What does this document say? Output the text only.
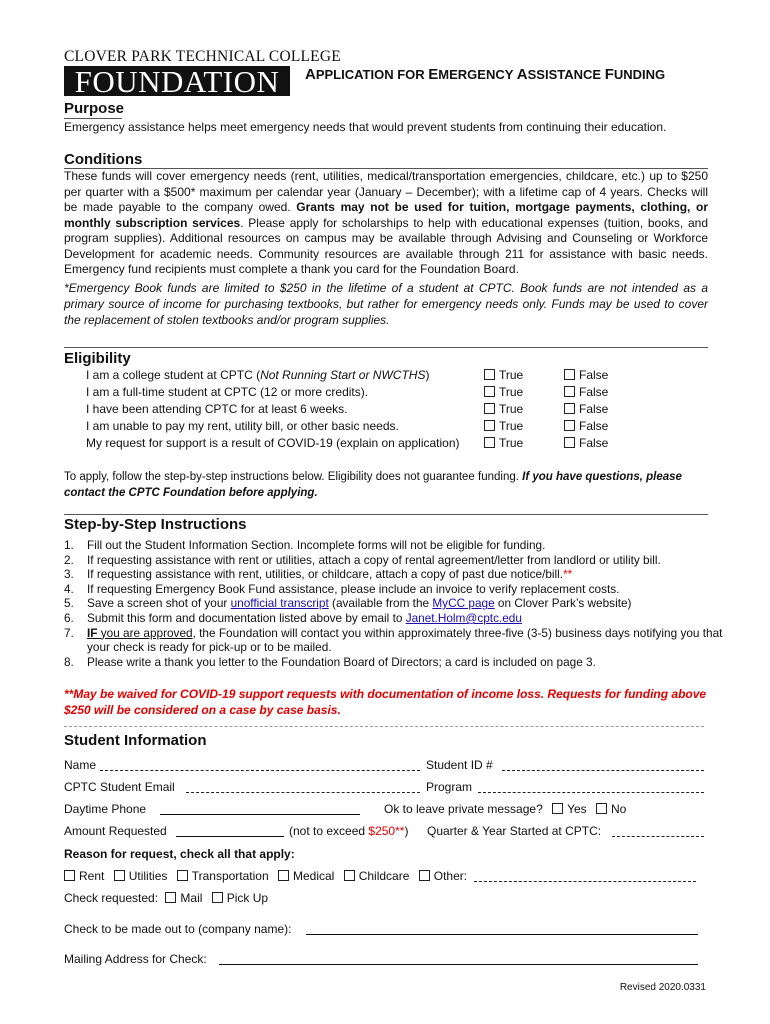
CLOVER PARK TECHNICAL COLLEGE
FOUNDATION	APPLICATION FOR EMERGENCY ASSISTANCE FUNDING
Purpose
Emergency assistance helps meet emergency needs that would prevent students from continuing their education.
Conditions
These funds will cover emergency needs (rent, utilities, medical/transportation emergencies, childcare, etc.) up to $250 per quarter with a $500* maximum per calendar year (January – December); with a lifetime cap of 4 years. Checks will be made payable to the company owed. Grants may not be used for tuition, mortgage payments, clothing, or monthly subscription services. Please apply for scholarships to help with educational expenses (tuition, books, and program supplies). Additional resources on campus may be available through Advising and Counseling or Workforce Development for academic needs. Community resources are available through 211 for assistance with basic needs. Emergency fund recipients must complete a thank you card for the Foundation Board.
*Emergency Book funds are limited to $250 in the lifetime of a student at CPTC. Book funds are not intended as a primary source of income for purchasing textbooks, but rather for emergency needs only. Funds may be used to cover the replacement of stolen textbooks and/or program supplies.
Eligibility
I am a college student at CPTC (Not Running Start or NWCTHS)	True	False
I am a full-time student at CPTC (12 or more credits).	True	False
I have been attending CPTC for at least 6 weeks.	True	False
I am unable to pay my rent, utility bill, or other basic needs.	True	False
My request for support is a result of COVID-19 (explain on application)	True	False
To apply, follow the step-by-step instructions below. Eligibility does not guarantee funding. If you have questions, please contact the CPTC Foundation before applying.
Step-by-Step Instructions
1. Fill out the Student Information Section. Incomplete forms will not be eligible for funding.
2. If requesting assistance with rent or utilities, attach a copy of rental agreement/letter from landlord or utility bill.
3. If requesting assistance with rent, utilities, or childcare, attach a copy of past due notice/bill.**
4. If requesting Emergency Book Fund assistance, please include an invoice to verify replacement costs.
5. Save a screen shot of your unofficial transcript (available from the MyCC page on Clover Park’s website)
6. Submit this form and documentation listed above by email to Janet.Holm@cptc.edu
7. IF you are approved, the Foundation will contact you within approximately three-five (3-5) business days notifying you that your check is ready for pick-up or to be mailed.
8. Please write a thank you letter to the Foundation Board of Directors; a card is included on page 3.
**May be waived for COVID-19 support requests with documentation of income loss. Requests for funding above $250 will be considered on a case by case basis.
Student Information
Name	Student ID #
CPTC Student Email	Program
Daytime Phone	Ok to leave private message? Yes No
Amount Requested	(not to exceed $250**) Quarter & Year Started at CPTC:
Reason for request, check all that apply:
Rent Utilities Transportation Medical Childcare Other:
Check requested: Mail Pick Up
Check to be made out to (company name):
Mailing Address for Check:
Revised 2020.0331
